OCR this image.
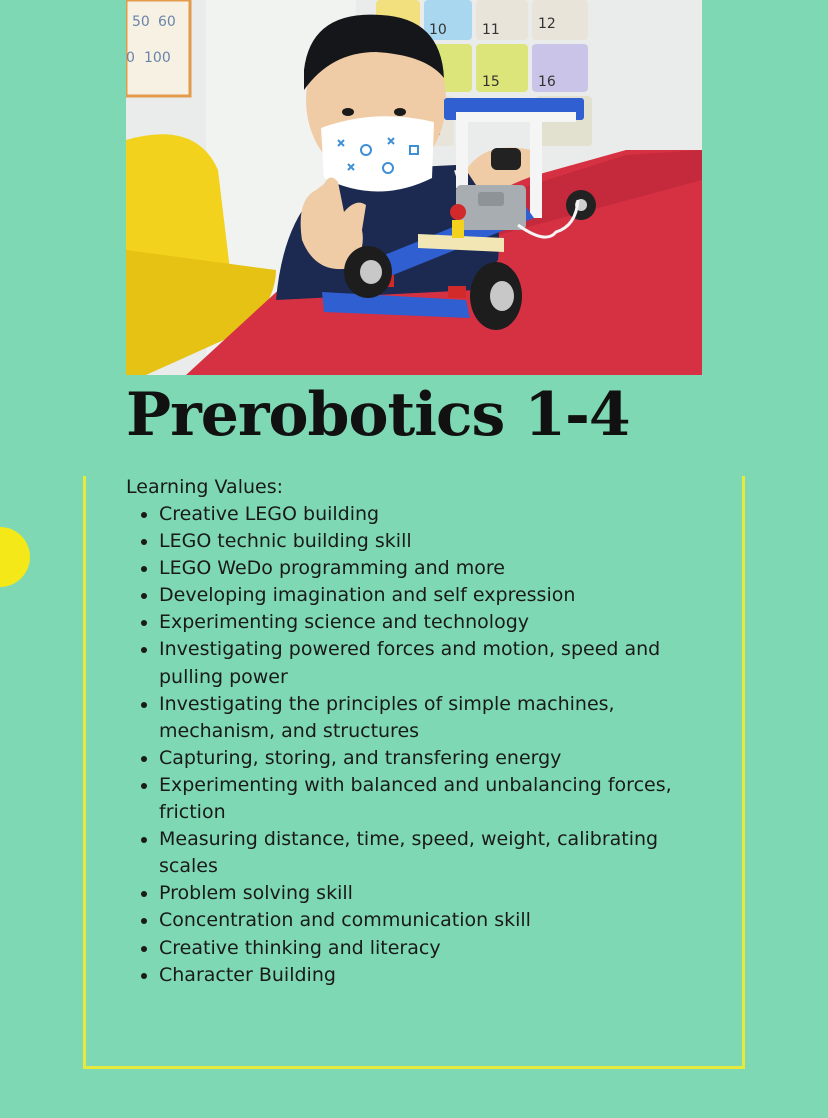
50 60
0 100
10	11	12
15	16
Prerobotics 1-4
Learning Values:
Creative LEGO building
LEGO technic building skill
LEGO WeDo programming and more
Developing imagination and self expression
Experimenting science and technology
Investigating powered forces and motion, speed and pulling power
Investigating the principles of simple machines, mechanism, and structures
Capturing, storing, and transfering energy
Experimenting with balanced and unbalancing forces, friction
Measuring distance, time, speed, weight, calibrating scales
Problem solving skill
Concentration and communication skill
Creative thinking and literacy
Character Building
